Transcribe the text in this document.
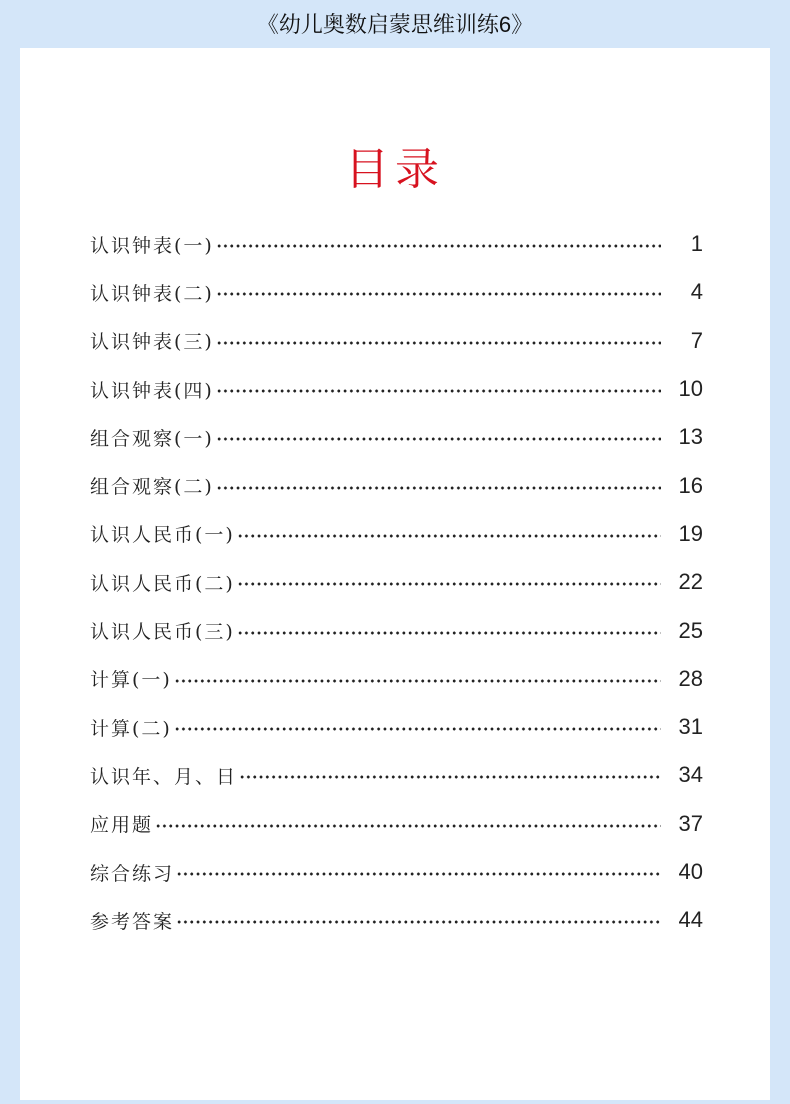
《幼儿奥数启蒙思维训练6》
目录
认识钟表(一)	1
认识钟表(二)	4
认识钟表(三)	7
认识钟表(四)	10
组合观察(一)	13
组合观察(二)	16
认识人民币(一)	19
认识人民币(二)	22
认识人民币(三)	25
计算(一)	28
计算(二)	31
认识年、月、日	34
应用题	37
综合练习	40
参考答案	44
